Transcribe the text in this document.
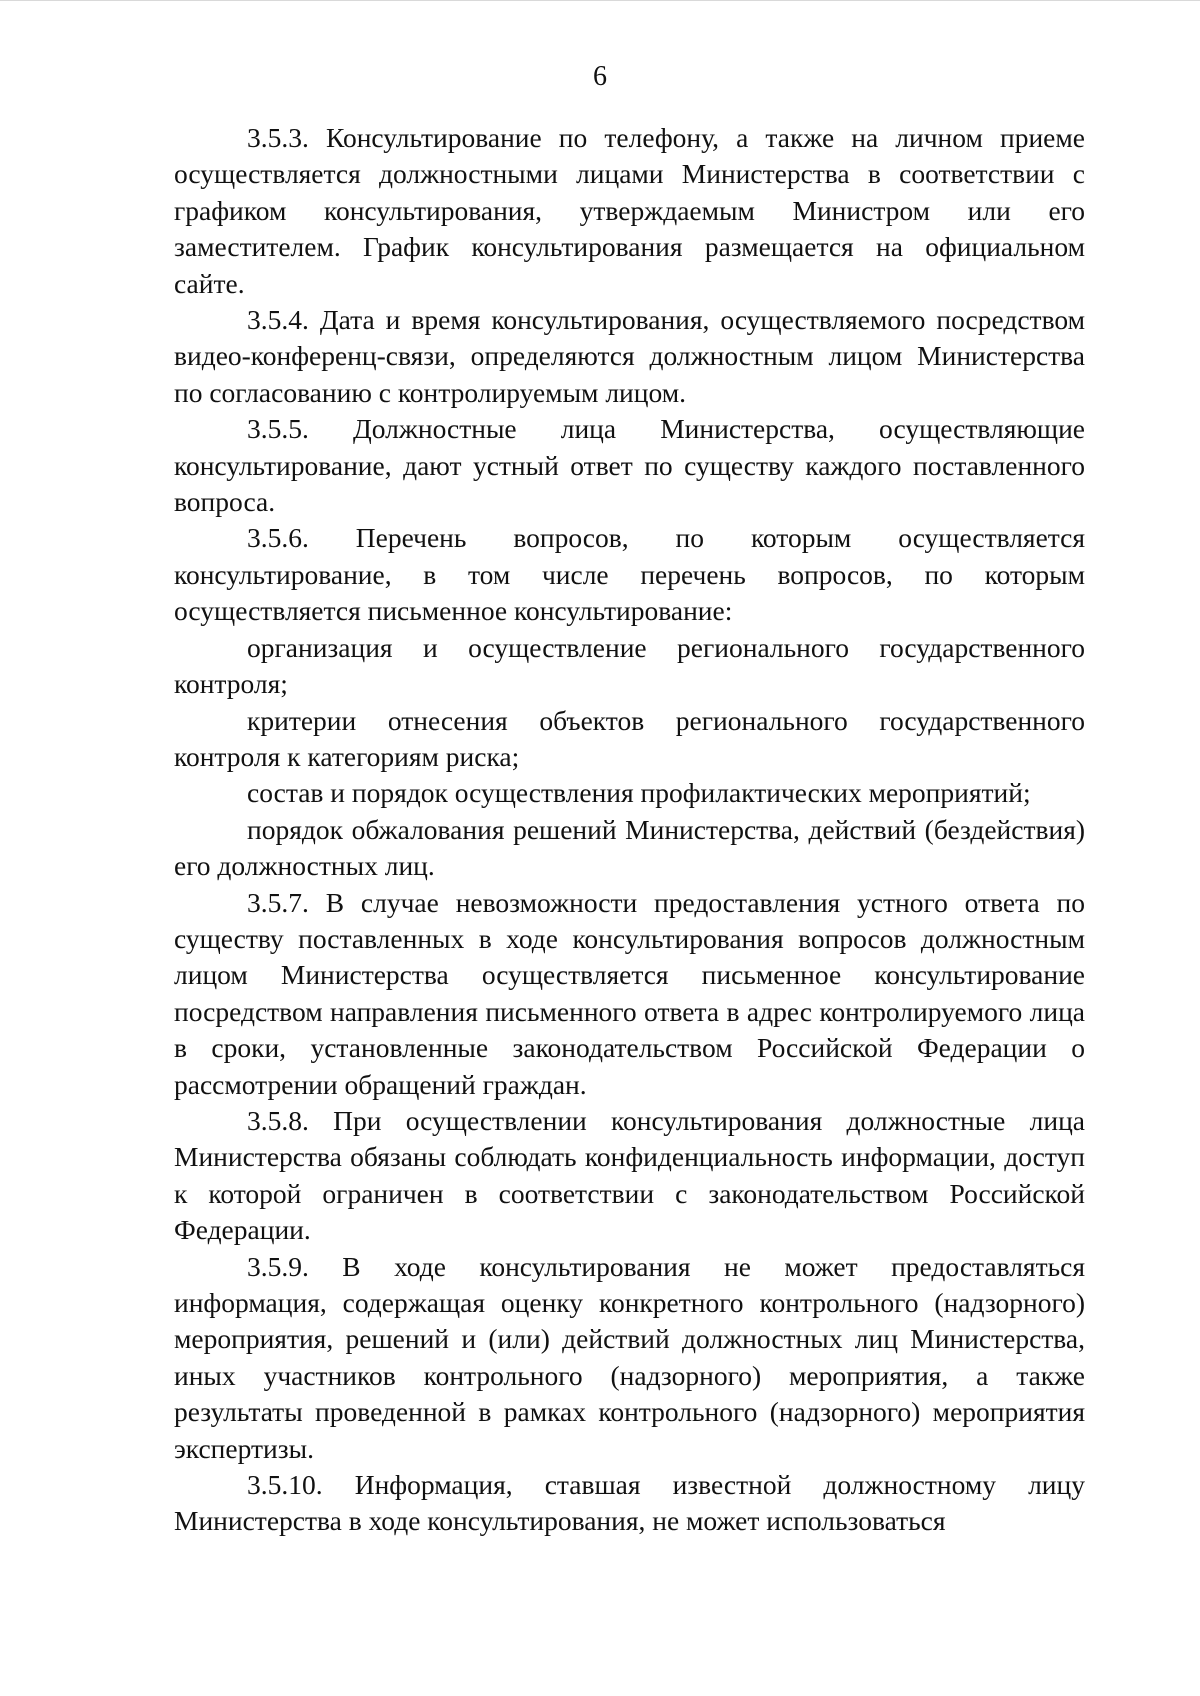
6

3.5.3. Консультирование по телефону, а также на личном приеме осуществляется должностными лицами Министерства в соответствии с графиком консультирования, утверждаемым Министром или его заместителем. График консультирования размещается на официальном сайте.

3.5.4. Дата и время консультирования, осуществляемого посредством видео-конференц-связи, определяются должностным лицом Министерства по согласованию с контролируемым лицом.

3.5.5. Должностные лица Министерства, осуществляющие консультирование, дают устный ответ по существу каждого поставленного вопроса.

3.5.6. Перечень вопросов, по которым осуществляется консультирование, в том числе перечень вопросов, по которым осуществляется письменное консультирование:

организация и осуществление регионального государственного контроля;

критерии отнесения объектов регионального государственного контроля к категориям риска;

состав и порядок осуществления профилактических мероприятий;

порядок обжалования решений Министерства, действий (бездействия) его должностных лиц.

3.5.7. В случае невозможности предоставления устного ответа по существу поставленных в ходе консультирования вопросов должностным лицом Министерства осуществляется письменное консультирование посредством направления письменного ответа в адрес контролируемого лица в сроки, установленные законодательством Российской Федерации о рассмотрении обращений граждан.

3.5.8. При осуществлении консультирования должностные лица Министерства обязаны соблюдать конфиденциальность информации, доступ к которой ограничен в соответствии с законодательством Российской Федерации.

3.5.9. В ходе консультирования не может предоставляться информация, содержащая оценку конкретного контрольного (надзорного) мероприятия, решений и (или) действий должностных лиц Министерства, иных участников контрольного (надзорного) мероприятия, а также результаты проведенной в рамках контрольного (надзорного) мероприятия экспертизы.

3.5.10. Информация, ставшая известной должностному лицу Министерства в ходе консультирования, не может использоваться
